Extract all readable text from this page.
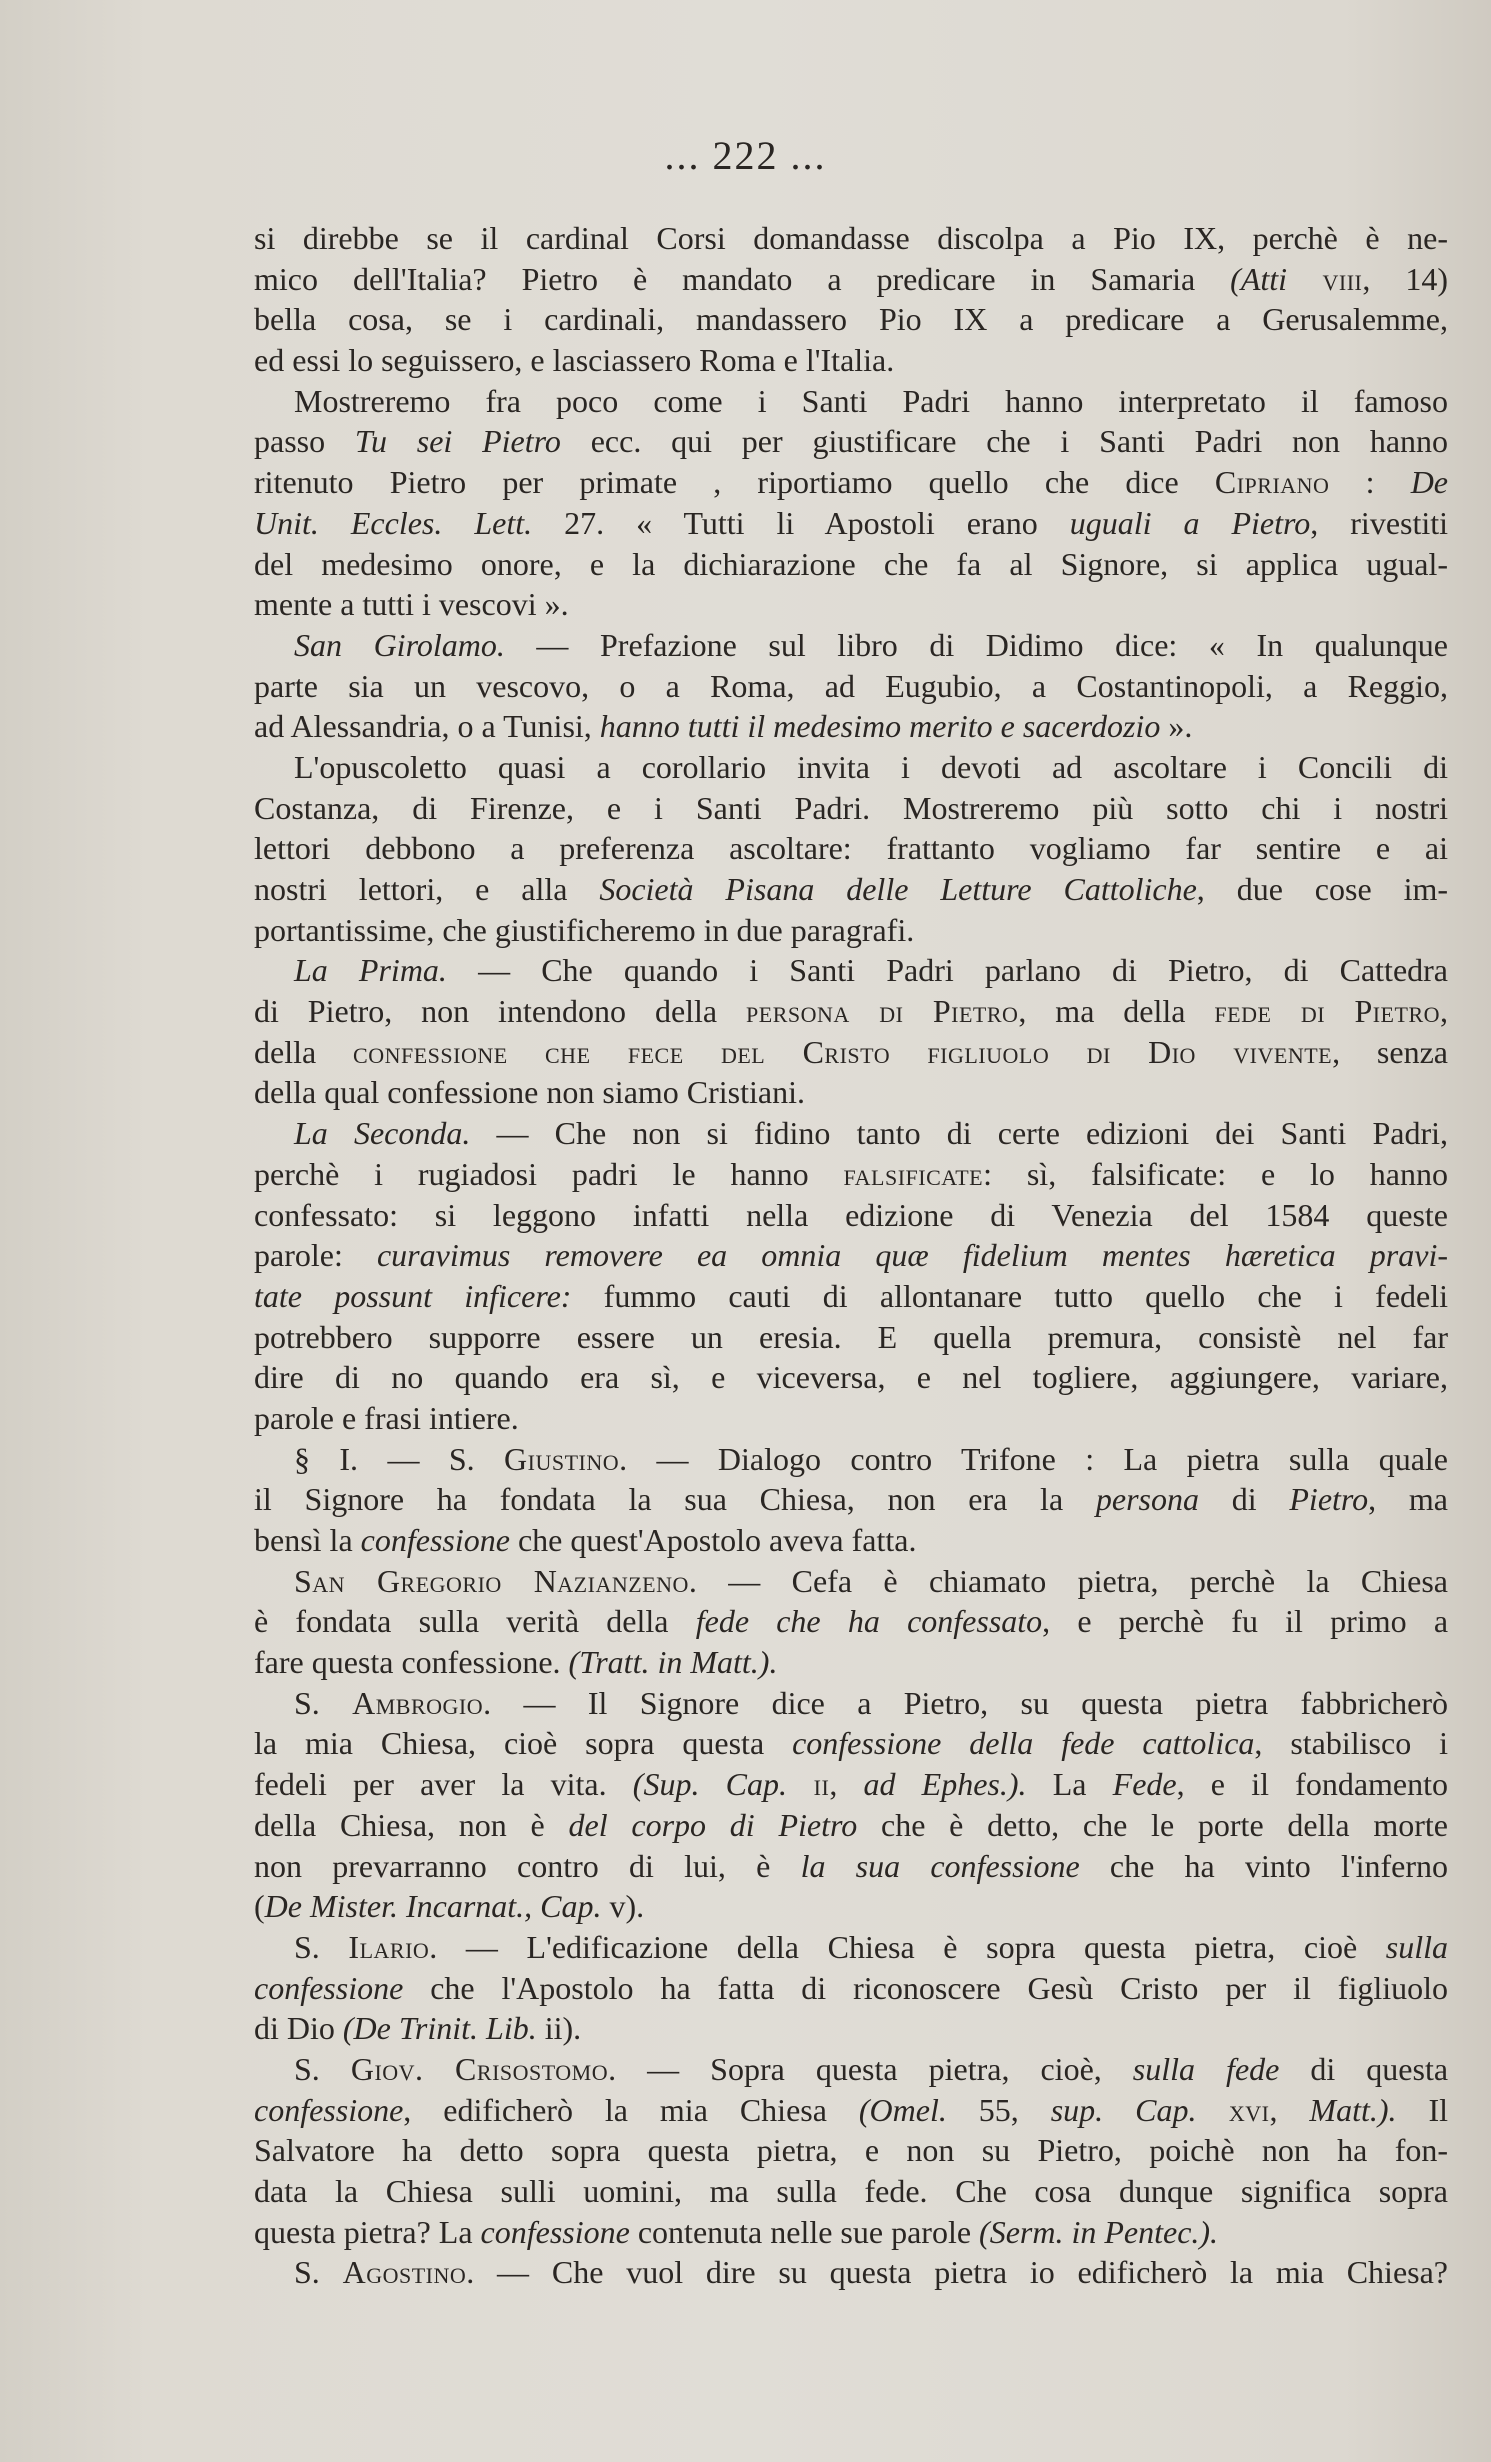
... 222 ...
si direbbe se il cardinal Corsi domandasse discolpa a Pio IX, perchè è ne-
mico dell'Italia? Pietro è mandato a predicare in Samaria (Atti viii, 14)
bella cosa, se i cardinali, mandassero Pio IX a predicare a Gerusalemme,
ed essi lo seguissero, e lasciassero Roma e l'Italia.
Mostreremo fra poco come i Santi Padri hanno interpretato il famoso
passo Tu sei Pietro ecc. qui per giustificare che i Santi Padri non hanno
ritenuto Pietro per primate , riportiamo quello che dice Cipriano : De
Unit. Eccles. Lett. 27. « Tutti li Apostoli erano uguali a Pietro, rivestiti
del medesimo onore, e la dichiarazione che fa al Signore, si applica ugual-
mente a tutti i vescovi ».
San Girolamo. — Prefazione sul libro di Didimo dice: « In qualunque
parte sia un vescovo, o a Roma, ad Eugubio, a Costantinopoli, a Reggio,
ad Alessandria, o a Tunisi, hanno tutti il medesimo merito e sacerdozio ».
L'opuscoletto quasi a corollario invita i devoti ad ascoltare i Concili di
Costanza, di Firenze, e i Santi Padri. Mostreremo più sotto chi i nostri
lettori debbono a preferenza ascoltare: frattanto vogliamo far sentire e ai
nostri lettori, e alla Società Pisana delle Letture Cattoliche, due cose im-
portantissime, che giustificheremo in due paragrafi.
La Prima. — Che quando i Santi Padri parlano di Pietro, di Cattedra
di Pietro, non intendono della persona di Pietro, ma della fede di Pietro,
della confessione che fece del Cristo figliuolo di Dio vivente, senza
della qual confessione non siamo Cristiani.
La Seconda. — Che non si fidino tanto di certe edizioni dei Santi Padri,
perchè i rugiadosi padri le hanno falsificate: sì, falsificate: e lo hanno
confessato: si leggono infatti nella edizione di Venezia del 1584 queste
parole: curavimus removere ea omnia quæ fidelium mentes hæretica pravi-
tate possunt inficere: fummo cauti di allontanare tutto quello che i fedeli
potrebbero supporre essere un eresia. E quella premura, consistè nel far
dire di no quando era sì, e viceversa, e nel togliere, aggiungere, variare,
parole e frasi intiere.
§ I. — S. Giustino. — Dialogo contro Trifone : La pietra sulla quale
il Signore ha fondata la sua Chiesa, non era la persona di Pietro, ma
bensì la confessione che quest'Apostolo aveva fatta.
San Gregorio Nazianzeno. — Cefa è chiamato pietra, perchè la Chiesa
è fondata sulla verità della fede che ha confessato, e perchè fu il primo a
fare questa confessione. (Tratt. in Matt.).
S. Ambrogio. — Il Signore dice a Pietro, su questa pietra fabbricherò
la mia Chiesa, cioè sopra questa confessione della fede cattolica, stabilisco i
fedeli per aver la vita. (Sup. Cap. ii, ad Ephes.). La Fede, e il fondamento
della Chiesa, non è del corpo di Pietro che è detto, che le porte della morte
non prevarranno contro di lui, è la sua confessione che ha vinto l'inferno
(De Mister. Incarnat., Cap. v).
S. Ilario. — L'edificazione della Chiesa è sopra questa pietra, cioè sulla
confessione che l'Apostolo ha fatta di riconoscere Gesù Cristo per il figliuolo
di Dio (De Trinit. Lib. ii).
S. Giov. Crisostomo. — Sopra questa pietra, cioè, sulla fede di questa
confessione, edificherò la mia Chiesa (Omel. 55, sup. Cap. xvi, Matt.). Il
Salvatore ha detto sopra questa pietra, e non su Pietro, poichè non ha fon-
data la Chiesa sulli uomini, ma sulla fede. Che cosa dunque significa sopra
questa pietra? La confessione contenuta nelle sue parole (Serm. in Pentec.).
S. Agostino. — Che vuol dire su questa pietra io edificherò la mia Chiesa?
